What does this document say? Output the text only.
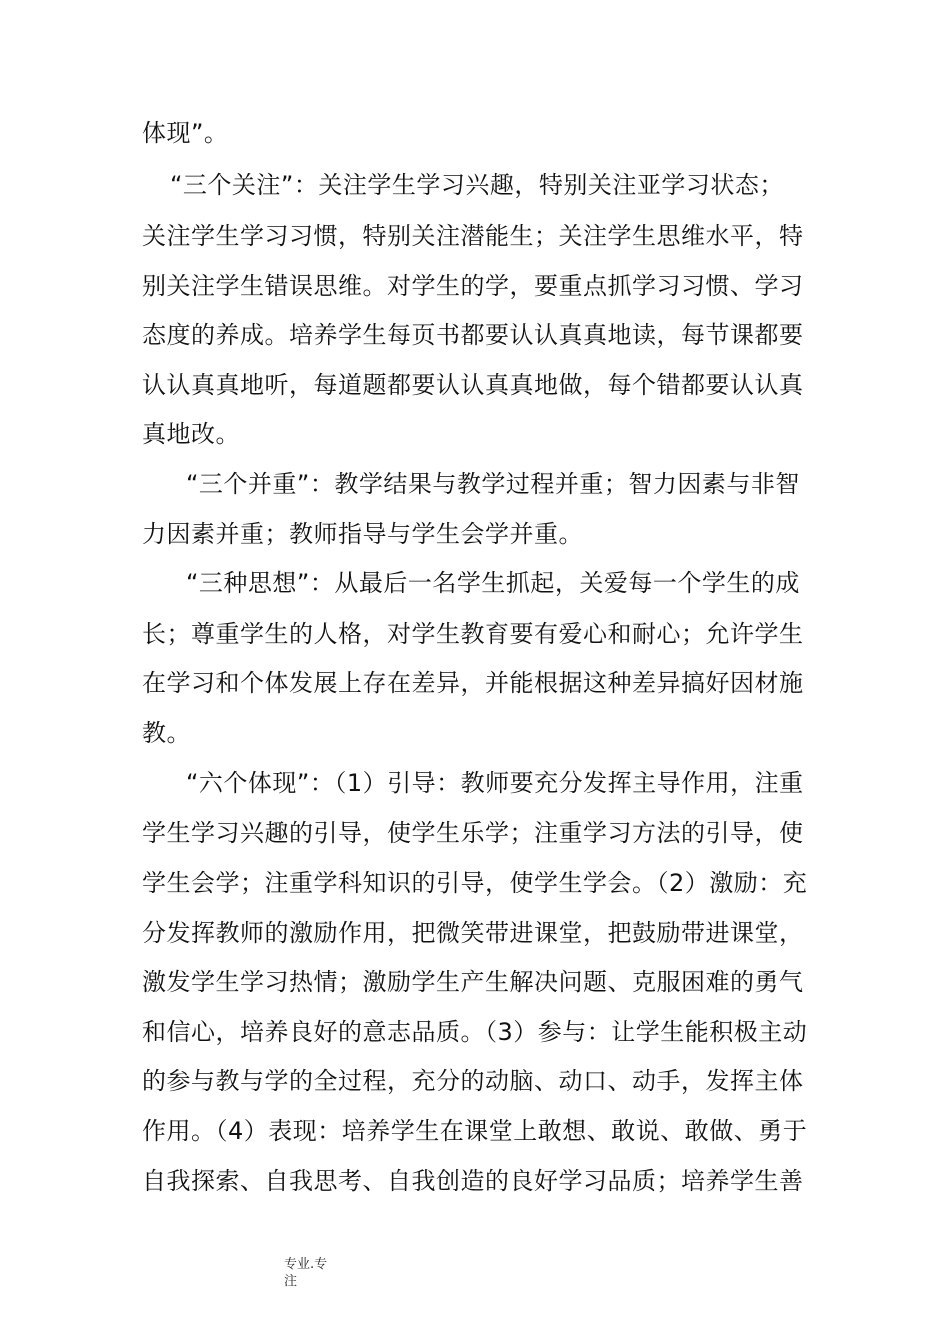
体现”。
“三个关注”：关注学生学习兴趣，特别关注亚学习状态；
关注学生学习习惯，特别关注潜能生；关注学生思维水平，特
别关注学生错误思维。对学生的学，要重点抓学习习惯、学习
态度的养成。培养学生每页书都要认认真真地读，每节课都要
认认真真地听，每道题都要认认真真地做，每个错都要认认真
真地改。
“三个并重”：教学结果与教学过程并重；智力因素与非智
力因素并重；教师指导与学生会学并重。
“三种思想”：从最后一名学生抓起，关爱每一个学生的成
长；尊重学生的人格，对学生教育要有爱心和耐心；允许学生
在学习和个体发展上存在差异，并能根据这种差异搞好因材施
教。
“六个体现”：（1）引导：教师要充分发挥主导作用，注重
学生学习兴趣的引导，使学生乐学；注重学习方法的引导，使
学生会学；注重学科知识的引导，使学生学会。（2）激励：充
分发挥教师的激励作用，把微笑带进课堂，把鼓励带进课堂，
激发学生学习热情；激励学生产生解决问题、克服困难的勇气
和信心，培养良好的意志品质。（3）参与：让学生能积极主动
的参与教与学的全过程，充分的动脑、动口、动手，发挥主体
作用。（4）表现：培养学生在课堂上敢想、敢说、敢做、勇于
自我探索、自我思考、自我创造的良好学习品质；培养学生善
专业.专
注
